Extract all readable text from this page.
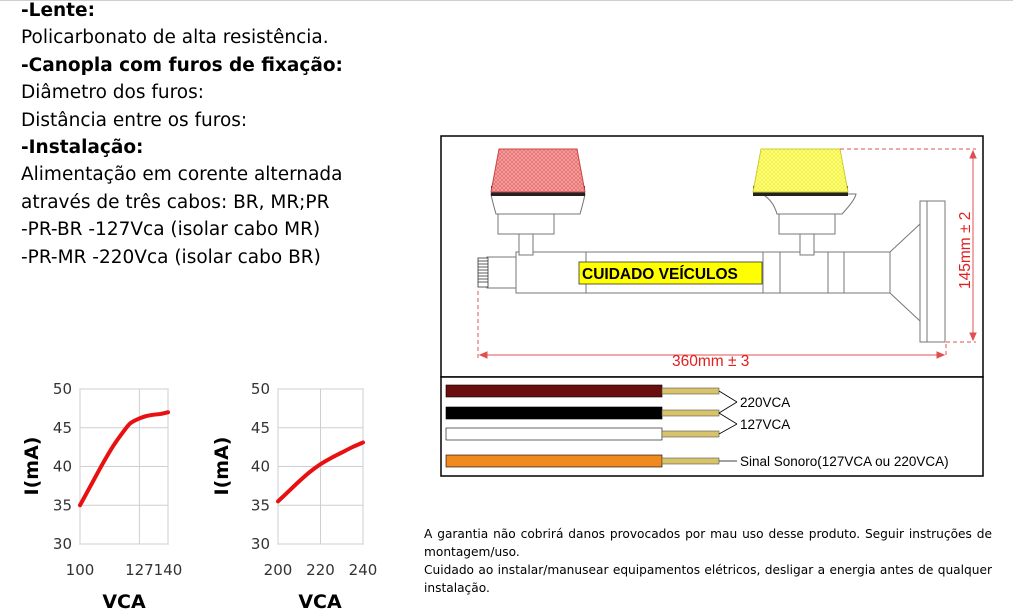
-Lente:
Policarbonato de alta resistência.
-Canopla com furos de fixação:
Diâmetro dos furos:
Distância entre os furos:
-Instalação:
Alimentação em corente alternada
através de três cabos: BR, MR;PR
-PR-BR -127Vca (isolar cabo MR)
-PR-MR -220Vca (isolar cabo BR)
CUIDADO VEÍCULOS
360mm ± 3
145mm ± 2
220VCA
127VCA
Sinal Sonoro(127VCA ou 220VCA)
30
35
40
45
50
100 127 140
I(mA)
VCA
30
35
40
45
50
200 220 240
I(mA)
VCA

A garantia não cobrirá danos provocados por mau uso desse produto. Seguir instruções de montagem/uso.

Cuidado ao instalar/manusear equipamentos elétricos, desligar a energia antes de qualquer instalação.
